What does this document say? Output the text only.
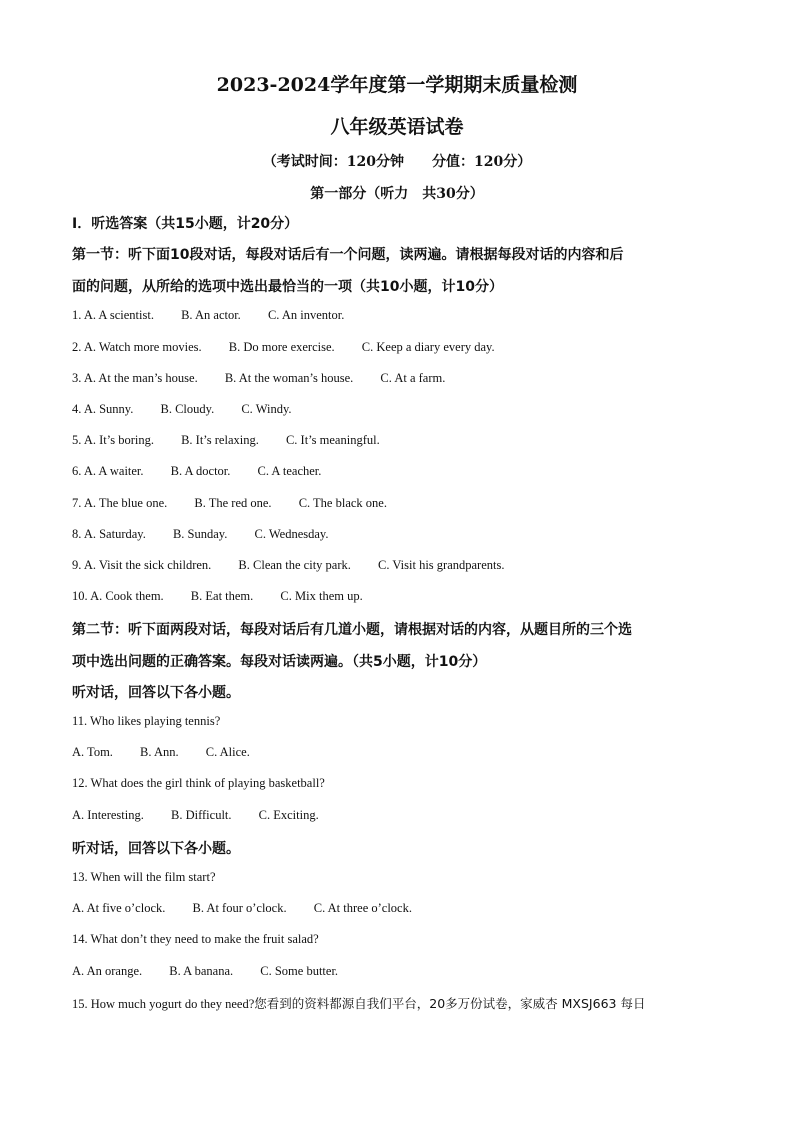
2023-2024学年度第一学期期末质量检测
八年级英语试卷
（考试时间：120分钟　　分值：120分）
第一部分（听力　共30分）
Ⅰ．听选答案（共15小题，计20分）
第一节：听下面10段对话，每段对话后有一个问题，读两遍。请根据每段对话的内容和后
面的问题，从所给的选项中选出最恰当的一项（共10小题，计10分）
1. A. A scientist. B. An actor. C. An inventor.
2. A. Watch more movies. B. Do more exercise. C. Keep a diary every day.
3. A. At the man’s house. B. At the woman’s house. C. At a farm.
4. A. Sunny. B. Cloudy. C. Windy.
5. A. It’s boring. B. It’s relaxing. C. It’s meaningful.
6. A. A waiter. B. A doctor. C. A teacher.
7. A. The blue one. B. The red one. C. The black one.
8. A. Saturday. B. Sunday. C. Wednesday.
9. A. Visit the sick children. B. Clean the city park. C. Visit his grandparents.
10. A. Cook them. B. Eat them. C. Mix them up.
第二节：听下面两段对话，每段对话后有几道小题，请根据对话的内容，从题目所的三个选
项中选出问题的正确答案。每段对话读两遍。（共5小题，计10分）
听对话，回答以下各小题。
11. Who likes playing tennis?
A. Tom. B. Ann. C. Alice.
12. What does the girl think of playing basketball?
A. Interesting. B. Difficult. C. Exciting.
听对话，回答以下各小题。
13. When will the film start?
A. At five o’clock. B. At four o’clock. C. At three o’clock.
14. What don’t they need to make the fruit salad?
A. An orange. B. A banana. C. Some butter.
15. How much yogurt do they need?您看到的资料都源自我们平台，20多万份试卷，家威杏 MXSJ663 每日
